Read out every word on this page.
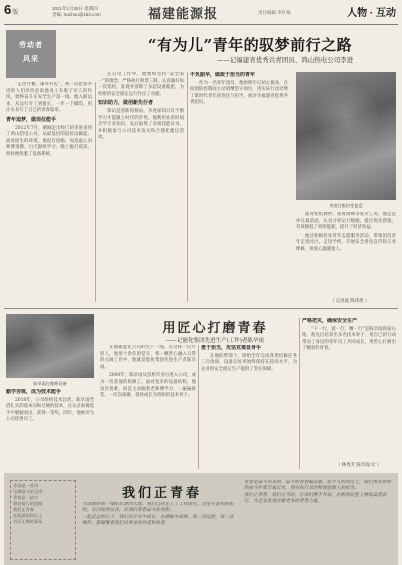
6版
2021年1月28日 星期四
责编: Suzhou@163.com	福建能源报	责任编辑 李红梅	人物 · 互动
劳动者
风采
“有为儿”青年的驭梦前行之路
——记福建省优秀共青团员、鸿山热电公司李进

“走进月餐，谦卑有礼”，初一次把张李进的人们评价是说他身上有股子军人的作风，始终奋斗在安全生产第一线。他入职以来，从运行专工到值长，一步一个脚印，用汗水书写了自己的青春篇章。

青年追梦，做岗位能手

2012年7月，刚刚走出校门的李进来到了鸿山热电公司，从最基层的巡检员做起。面对陌生的环境，他没有退缩，而是虚心向师傅请教，白天跟班学习，晚上挑灯夜读，很快便熟悉了设备系统。

在日常工作中，他始终坚持“安全第一”的理念，严格执行两票三制，认真做好每一次巡检，发现并消除了多起设备隐患，为机组的安全稳定运行作出了贡献。

知识助力，做创新先行者

知识是创新的源泉。李进深知只有不断学习才能跟上时代的步伐，他利用业余时间自学专业知识，先后取得了多项技能证书，并积极参与公司技术攻关和合理化建议活动。

不负韶华，做敢于担当的青年

作为一名青年团员，他始终牢记初心使命，在疫情防控期间主动请缨坚守岗位，用实际行动诠释了新时代青年的责任与担当，被评为福建省优秀共青团员。

李进在集控室监盘

面对机组调停、深度调峰等复杂工况，他总是冲在最前面，认真分析运行数据，提出优化措施，有效降低了机组能耗，提升了经济效益。

他还积极投身青年志愿服务活动，带领团员青年走进社区、走进学校，开展安全用电宣传和义务维修，用爱心温暖他人。

（ 吴进波 陈伟煌 ）
陈旱雨在维修设备
用匠心打磨青春
——记能化集团先进生产(工作)者陈旱雨

在福建能化公司的生产一线，有这样一位年轻人，他用十余年的坚守，将一颗匠心融入日常的点滴工作中，他就是能化集团先进生产者陈旱雨。

2009年，陈旱雨从技校毕业后进入公司，成为一名普通的检修工。面对复杂的设备结构，他没有畏难，而是主动跟着老师傅学习，一遍遍拆装，一次次琢磨，很快成长为班组的技术骨干。

勤学苦练，成为技术能手

2018年，公司组织技术比武，陈旱雨凭借扎实的基本功和过硬的技术，在众多参赛选手中脱颖而出，获得一等奖。同年，他被评为公司优秀员工。

勇于担当，攻坚克难显身手

在他的带领下，班组全年完成各类检修任务三百余项，设备完好率始终保持在较高水平，为企业的安全稳定生产提供了坚实保障。

严格把关，确保安全生产

“干一行，爱一行，精一行”是陈旱雨的座右铭。他先后培养出多名技术骨干，用自己的行动带动了身边的青年员工共同成长，用匠心打磨出了精彩的青春。

（ 林秀芳 陈旱雨/文 ）
青春是一首诗
写满奋斗的足迹
青春是一团火
照亮前行的道路
我们正青春
在能源的岗位上
书写无悔的篇章
我们正青春
当清晨的第一缕阳光洒向大地，我们已经走上了工作岗位。这里有轰鸣的机组，有闪烁的仪表，有我们青春奋斗的身影。
一起走过的日子，我们在汗水中成长，在磨砺中成熟。每一次巡检，每一次操作，都凝聚着我们对事业的热爱和执着。
青春是奋斗出来的，奋斗的青春最美丽。在平凡的岗位上，我们用青春和热血守护着万家灯火，用实际行动诠释着能源人的担当。
我们正青春，我们正当时。让我们携手并肩，在新的征程上继续奋勇前行，为企业发展贡献更多的青春力量。
